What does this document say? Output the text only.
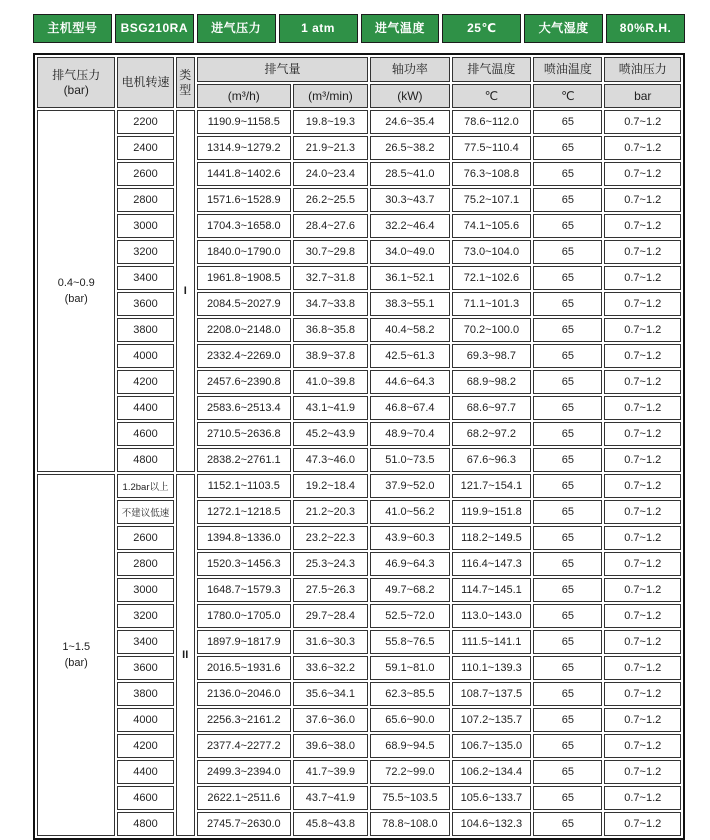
主机型号	BSG210RA	进气压力	1 atm	进气温度	25℃	大气湿度	80%R.H.
排气压力
(bar)	电机转速	类型	排气量		轴功率	排气温度	喷油温度	喷油压力
			(m³/h)	(m³/min)	(kW)	℃	℃	bar

0.4~0.9
(bar)	2200	I	1190.9~1158.5	19.8~19.3	24.6~35.4	78.6~112.0	65	0.7~1.2
	2400		1314.9~1279.2	21.9~21.3	26.5~38.2	77.5~110.4	65	0.7~1.2
	2600		1441.8~1402.6	24.0~23.4	28.5~41.0	76.3~108.8	65	0.7~1.2
	2800		1571.6~1528.9	26.2~25.5	30.3~43.7	75.2~107.1	65	0.7~1.2
	3000		1704.3~1658.0	28.4~27.6	32.2~46.4	74.1~105.6	65	0.7~1.2
	3200		1840.0~1790.0	30.7~29.8	34.0~49.0	73.0~104.0	65	0.7~1.2
	3400		1961.8~1908.5	32.7~31.8	36.1~52.1	72.1~102.6	65	0.7~1.2
	3600		2084.5~2027.9	34.7~33.8	38.3~55.1	71.1~101.3	65	0.7~1.2
	3800		2208.0~2148.0	36.8~35.8	40.4~58.2	70.2~100.0	65	0.7~1.2
	4000		2332.4~2269.0	38.9~37.8	42.5~61.3	69.3~98.7	65	0.7~1.2
	4200		2457.6~2390.8	41.0~39.8	44.6~64.3	68.9~98.2	65	0.7~1.2
	4400		2583.6~2513.4	43.1~41.9	46.8~67.4	68.6~97.7	65	0.7~1.2
	4600		2710.5~2636.8	45.2~43.9	48.9~70.4	68.2~97.2	65	0.7~1.2
	4800		2838.2~2761.1	47.3~46.0	51.0~73.5	67.6~96.3	65	0.7~1.2

1~1.5
(bar)	1.2bar以上	II	1152.1~1103.5	19.2~18.4	37.9~52.0	121.7~154.1	65	0.7~1.2
	不建议低速		1272.1~1218.5	21.2~20.3	41.0~56.2	119.9~151.8	65	0.7~1.2
	2600		1394.8~1336.0	23.2~22.3	43.9~60.3	118.2~149.5	65	0.7~1.2
	2800		1520.3~1456.3	25.3~24.3	46.9~64.3	116.4~147.3	65	0.7~1.2
	3000		1648.7~1579.3	27.5~26.3	49.7~68.2	114.7~145.1	65	0.7~1.2
	3200		1780.0~1705.0	29.7~28.4	52.5~72.0	113.0~143.0	65	0.7~1.2
	3400		1897.9~1817.9	31.6~30.3	55.8~76.5	111.5~141.1	65	0.7~1.2
	3600		2016.5~1931.6	33.6~32.2	59.1~81.0	110.1~139.3	65	0.7~1.2
	3800		2136.0~2046.0	35.6~34.1	62.3~85.5	108.7~137.5	65	0.7~1.2
	4000		2256.3~2161.2	37.6~36.0	65.6~90.0	107.2~135.7	65	0.7~1.2
	4200		2377.4~2277.2	39.6~38.0	68.9~94.5	106.7~135.0	65	0.7~1.2
	4400		2499.3~2394.0	41.7~39.9	72.2~99.0	106.2~134.4	65	0.7~1.2
	4600		2622.1~2511.6	43.7~41.9	75.5~103.5	105.6~133.7	65	0.7~1.2
	4800		2745.7~2630.0	45.8~43.8	78.8~108.0	104.6~132.3	65	0.7~1.2
